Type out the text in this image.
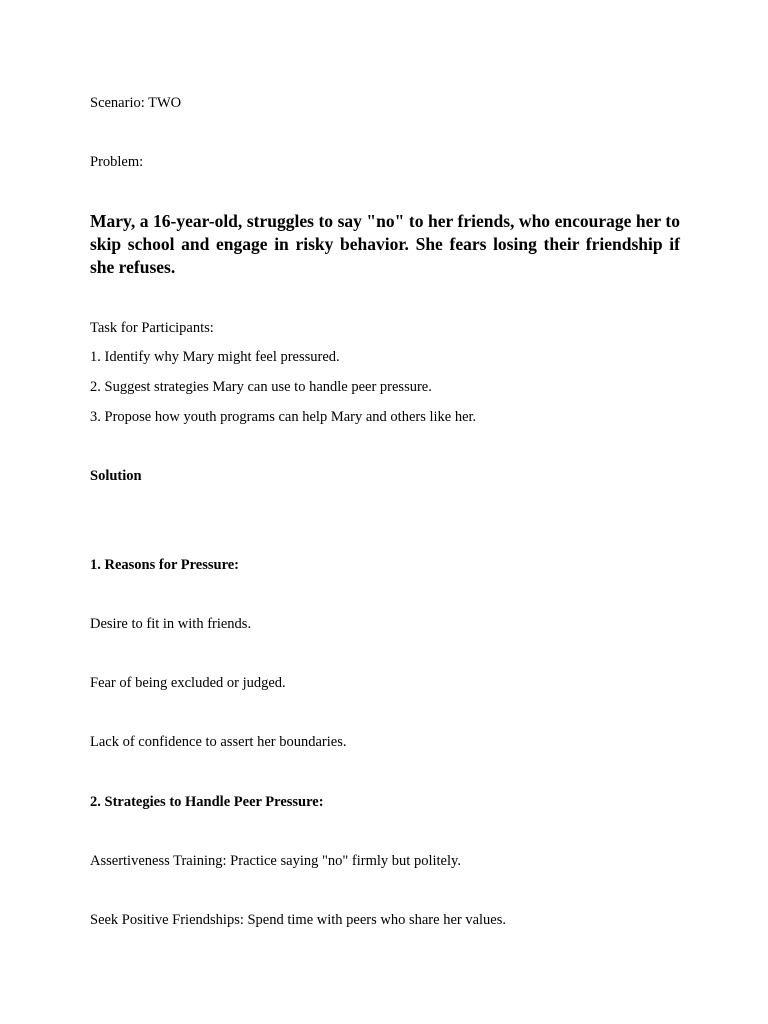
Scenario: TWO

Problem:

Mary, a 16-year-old, struggles to say "no" to her friends, who encourage her to skip school and engage in risky behavior. She fears losing their friendship if she refuses.

Task for Participants:

1. Identify why Mary might feel pressured.

2. Suggest strategies Mary can use to handle peer pressure.

3. Propose how youth programs can help Mary and others like her.

Solution

1. Reasons for Pressure:

Desire to fit in with friends.

Fear of being excluded or judged.

Lack of confidence to assert her boundaries.

2. Strategies to Handle Peer Pressure:

Assertiveness Training: Practice saying "no" firmly but politely.

Seek Positive Friendships: Spend time with peers who share her values.
